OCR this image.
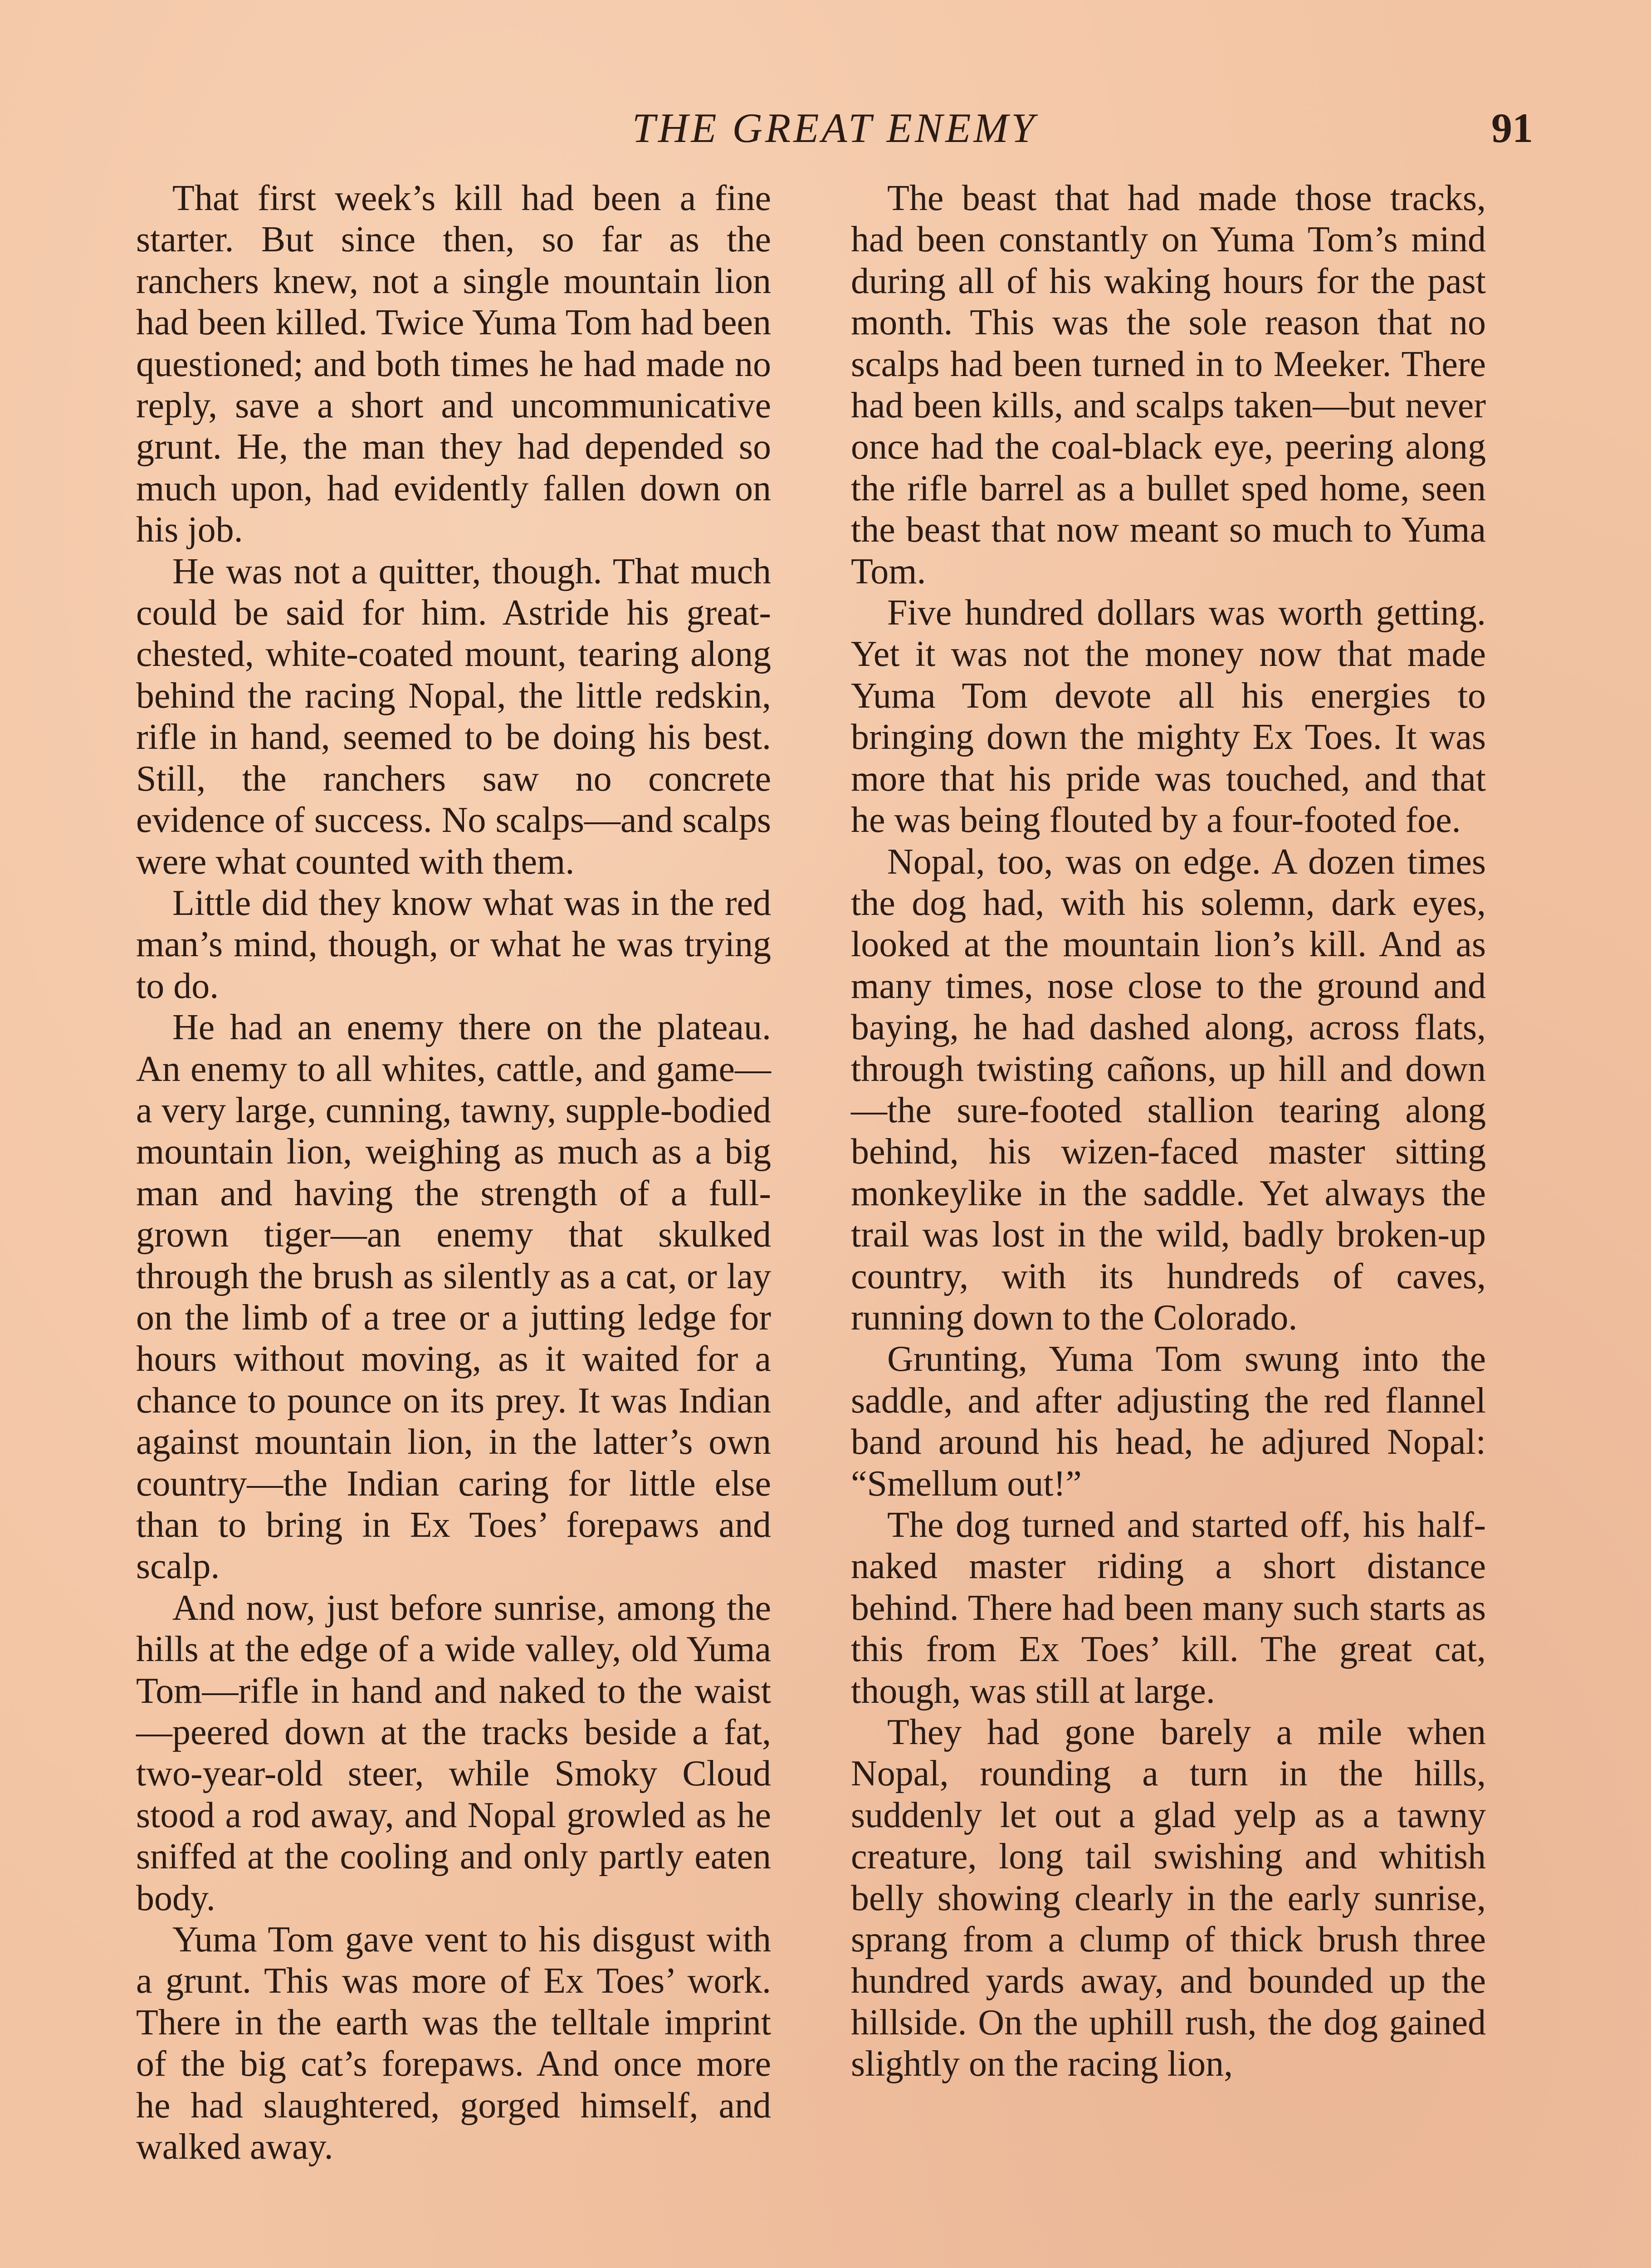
THE GREAT ENEMY	91

That first week’s kill had been a fine starter. But since then, so far as the ranchers knew, not a single mountain lion had been killed. Twice Yuma Tom had been questioned; and both times he had made no reply, save a short and uncommunicative grunt. He, the man they had depended so much upon, had evidently fallen down on his job.

He was not a quitter, though. That much could be said for him. Astride his great-chested, white-coated mount, tearing along behind the racing Nopal, the little redskin, rifle in hand, seemed to be doing his best. Still, the ranchers saw no concrete evidence of success. No scalps—and scalps were what counted with them.

Little did they know what was in the red man’s mind, though, or what he was trying to do.

He had an enemy there on the plateau. An enemy to all whites, cattle, and game—a very large, cunning, tawny, supple-bodied mountain lion, weighing as much as a big man and having the strength of a full-grown tiger—an enemy that skulked through the brush as silently as a cat, or lay on the limb of a tree or a jutting ledge for hours without moving, as it waited for a chance to pounce on its prey. It was Indian against mountain lion, in the latter’s own country—the Indian caring for little else than to bring in Ex Toes’ forepaws and scalp.

And now, just before sunrise, among the hills at the edge of a wide valley, old Yuma Tom—rifle in hand and naked to the waist—peered down at the tracks beside a fat, two-year-old steer, while Smoky Cloud stood a rod away, and Nopal growled as he sniffed at the cooling and only partly eaten body.

Yuma Tom gave vent to his disgust with a grunt. This was more of Ex Toes’ work. There in the earth was the telltale imprint of the big cat’s forepaws. And once more he had slaughtered, gorged himself, and walked away.

The beast that had made those tracks, had been constantly on Yuma Tom’s mind during all of his waking hours for the past month. This was the sole reason that no scalps had been turned in to Meeker. There had been kills, and scalps taken—but never once had the coal-black eye, peering along the rifle barrel as a bullet sped home, seen the beast that now meant so much to Yuma Tom.

Five hundred dollars was worth getting. Yet it was not the money now that made Yuma Tom devote all his energies to bringing down the mighty Ex Toes. It was more that his pride was touched, and that he was being flouted by a four-footed foe.

Nopal, too, was on edge. A dozen times the dog had, with his solemn, dark eyes, looked at the mountain lion’s kill. And as many times, nose close to the ground and baying, he had dashed along, across flats, through twisting cañons, up hill and down—the sure-footed stallion tearing along behind, his wizen-faced master sitting monkeylike in the saddle. Yet always the trail was lost in the wild, badly broken-up country, with its hundreds of caves, running down to the Colorado.

Grunting, Yuma Tom swung into the saddle, and after adjusting the red flannel band around his head, he adjured Nopal: “Smellum out!”

The dog turned and started off, his half-naked master riding a short distance behind. There had been many such starts as this from Ex Toes’ kill. The great cat, though, was still at large.

They had gone barely a mile when Nopal, rounding a turn in the hills, suddenly let out a glad yelp as a tawny creature, long tail swishing and whitish belly showing clearly in the early sunrise, sprang from a clump of thick brush three hundred yards away, and bounded up the hillside. On the uphill rush, the dog gained slightly on the racing lion,
